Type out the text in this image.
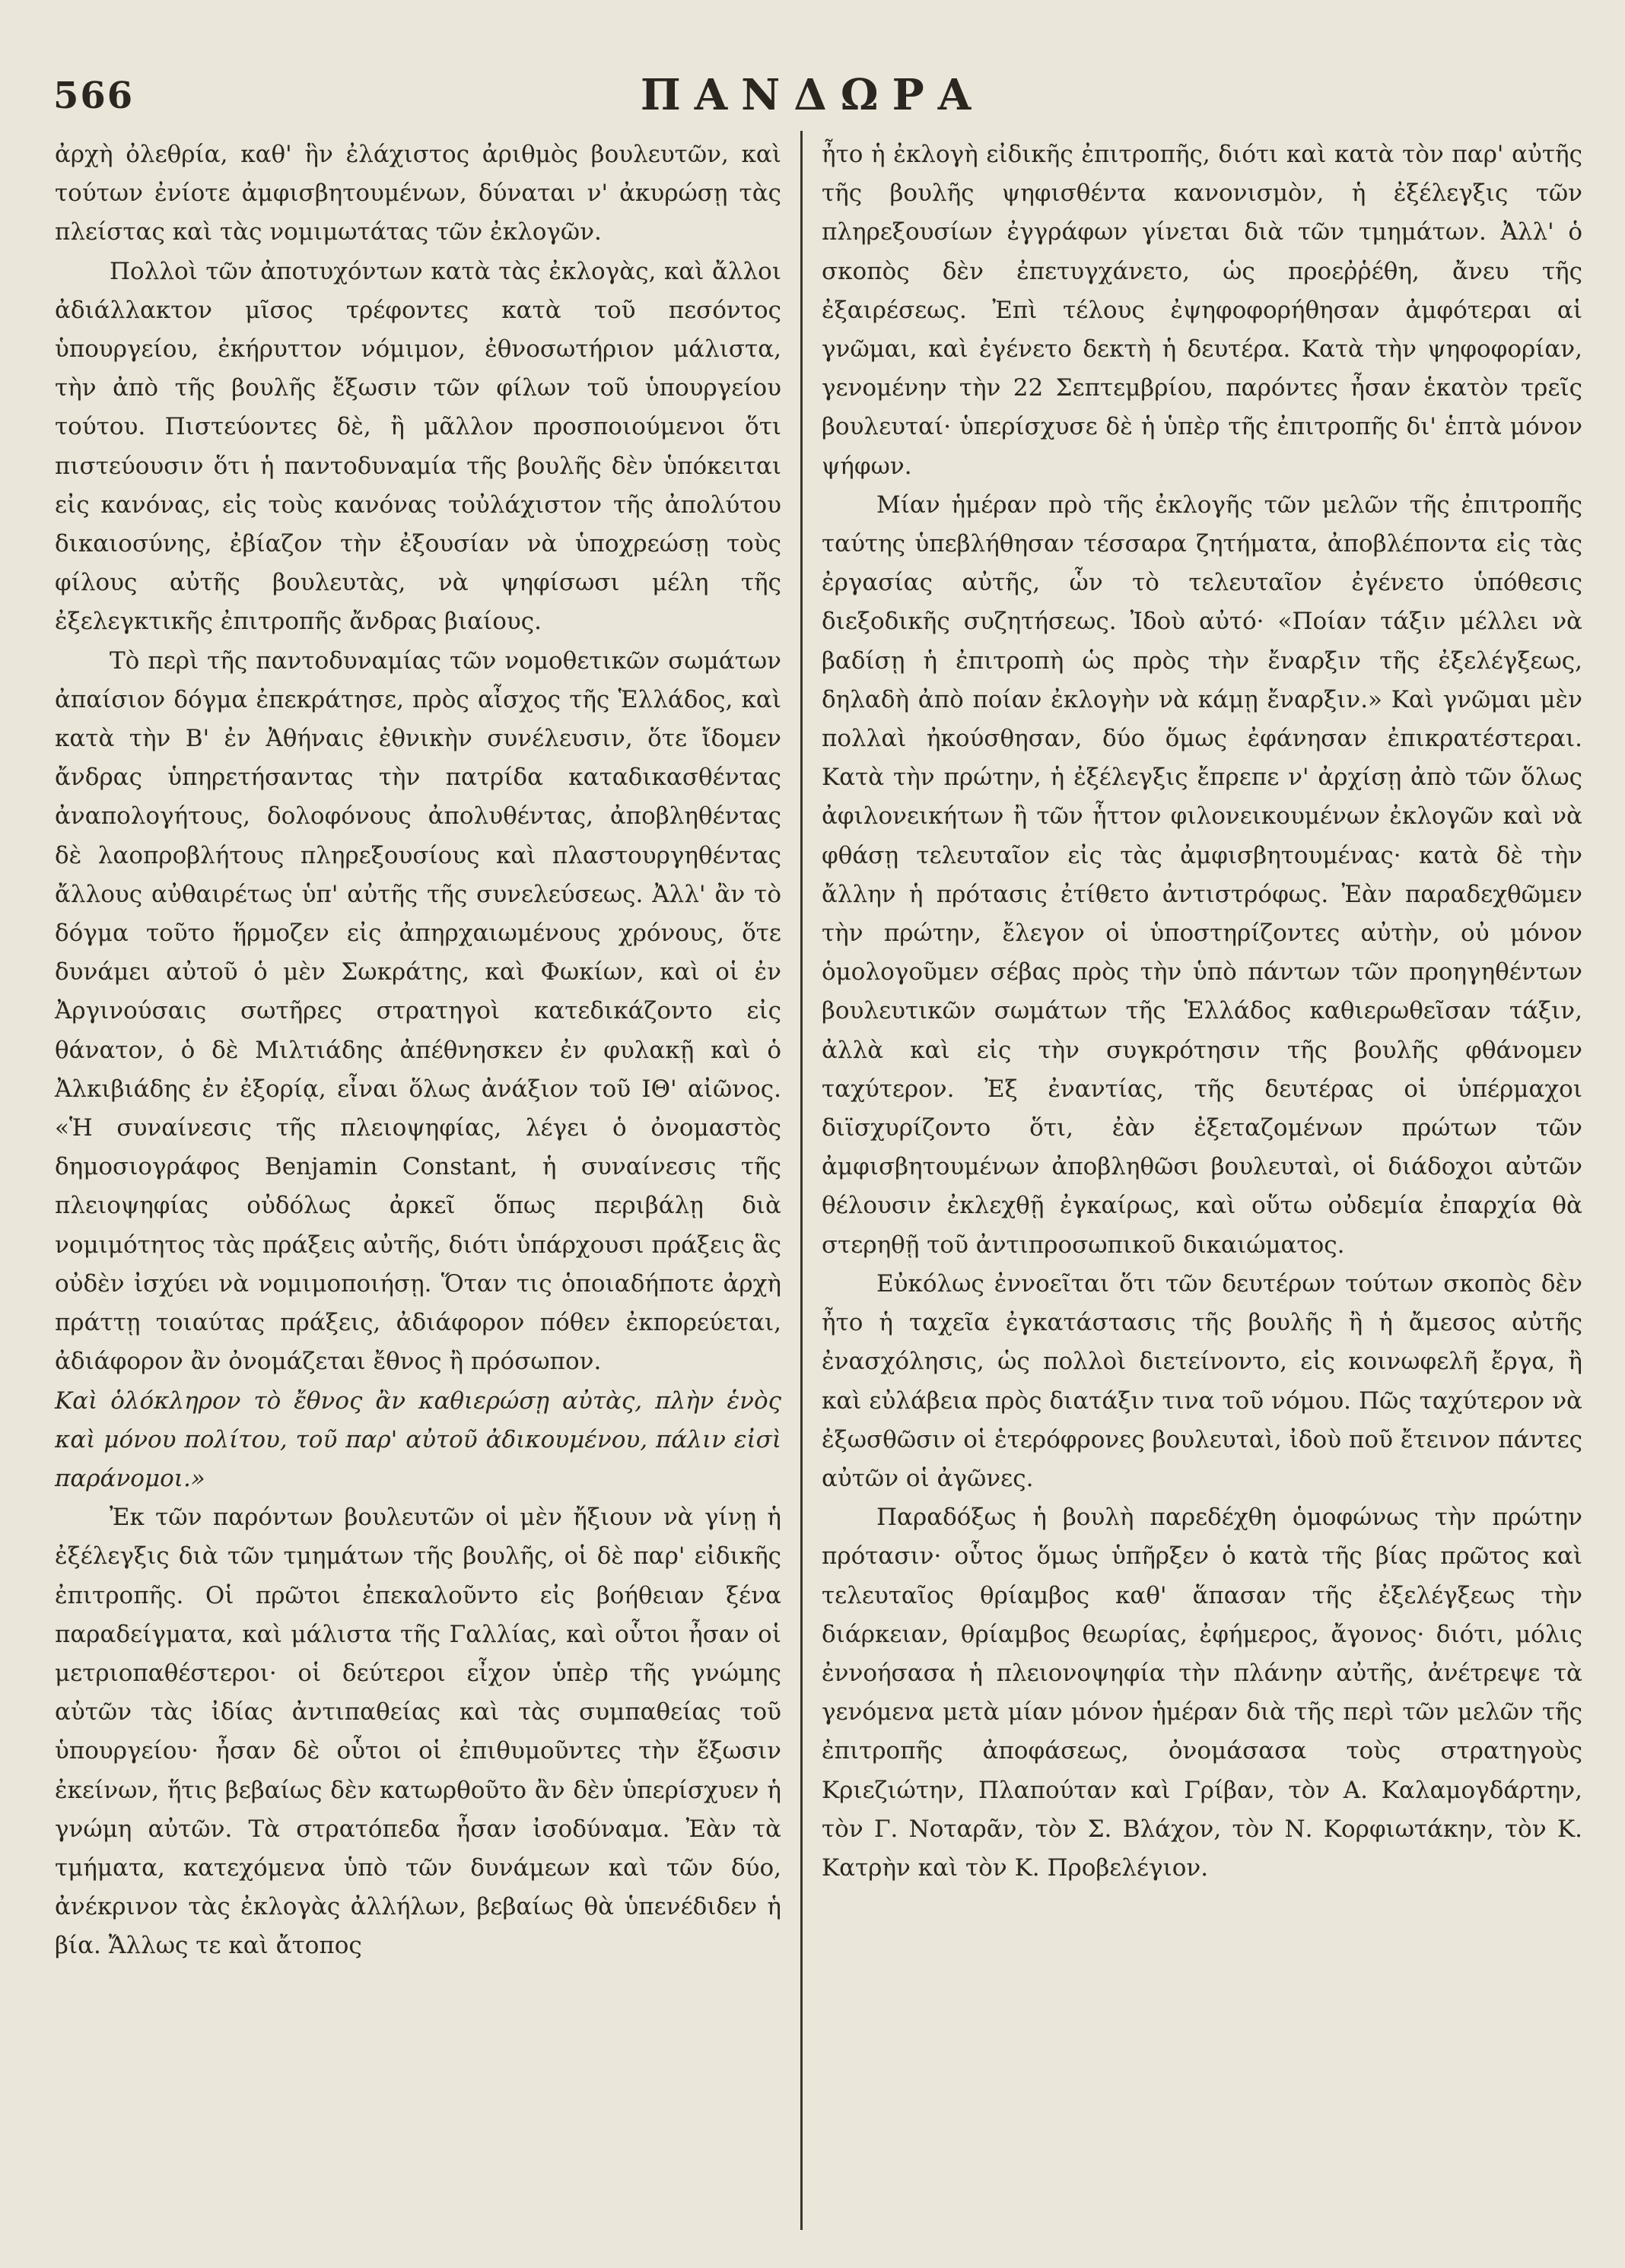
566	ΠΑΝΔΩΡΑ

ἀρχὴ ὀλεθρία, καθ' ἣν ἐλάχιστος ἀριθμὸς βουλευτῶν, καὶ τούτων ἐνίοτε ἀμφισβητουμένων, δύναται ν' ἀκυρώσῃ τὰς πλείστας καὶ τὰς νομιμωτάτας τῶν ἐκλογῶν.

Πολλοὶ τῶν ἀποτυχόντων κατὰ τὰς ἐκλογὰς, καὶ ἄλλοι ἀδιάλλακτον μῖσος τρέφοντες κατὰ τοῦ πεσόντος ὑπουργείου, ἐκήρυττον νόμιμον, ἐθνοσωτήριον μάλιστα, τὴν ἀπὸ τῆς βουλῆς ἔξωσιν τῶν φίλων τοῦ ὑπουργείου τούτου. Πιστεύοντες δὲ, ἢ μᾶλλον προσποιούμενοι ὅτι πιστεύουσιν ὅτι ἡ παντοδυναμία τῆς βουλῆς δὲν ὑπόκειται εἰς κανόνας, εἰς τοὺς κανόνας τοὐλάχιστον τῆς ἀπολύτου δικαιοσύνης, ἐβίαζον τὴν ἐξουσίαν νὰ ὑποχρεώσῃ τοὺς φίλους αὐτῆς βουλευτὰς, νὰ ψηφίσωσι μέλη τῆς ἐξελεγκτικῆς ἐπιτροπῆς ἄνδρας βιαίους.

Τὸ περὶ τῆς παντοδυναμίας τῶν νομοθετικῶν σωμάτων ἀπαίσιον δόγμα ἐπεκράτησε, πρὸς αἶσχος τῆς Ἑλλάδος, καὶ κατὰ τὴν Β' ἐν Ἀθήναις ἐθνικὴν συνέλευσιν, ὅτε ἴδομεν ἄνδρας ὑπηρετήσαντας τὴν πατρίδα καταδικασθέντας ἀναπολογήτους, δολοφόνους ἀπολυθέντας, ἀποβληθέντας δὲ λαοπροβλήτους πληρεξουσίους καὶ πλαστουργηθέντας ἄλλους αὐθαιρέτως ὑπ' αὐτῆς τῆς συνελεύσεως. Ἀλλ' ἂν τὸ δόγμα τοῦτο ἥρμοζεν εἰς ἀπηρχαιωμένους χρόνους, ὅτε δυνάμει αὐτοῦ ὁ μὲν Σωκράτης, καὶ Φωκίων, καὶ οἱ ἐν Ἀργινούσαις σωτῆρες στρατηγοὶ κατεδικάζοντο εἰς θάνατον, ὁ δὲ Μιλτιάδης ἀπέθνησκεν ἐν φυλακῇ καὶ ὁ Ἀλκιβιάδης ἐν ἐξορίᾳ, εἶναι ὅλως ἀνάξιον τοῦ ΙΘ' αἰῶνος. «Ἡ συναίνεσις τῆς πλειοψηφίας, λέγει ὁ ὀνομαστὸς δημοσιογράφος Benjamin Constant, ἡ συναίνεσις τῆς πλειοψηφίας οὐδόλως ἀρκεῖ ὅπως περιβάλῃ διὰ νομιμότητος τὰς πράξεις αὐτῆς, διότι ὑπάρχουσι πράξεις ἃς οὐδὲν ἰσχύει νὰ νομιμοποιήσῃ. Ὅταν τις ὁποιαδήποτε ἀρχὴ πράττῃ τοιαύτας πράξεις, ἀδιάφορον πόθεν ἐκπορεύεται, ἀδιάφορον ἂν ὀνομάζεται ἔθνος ἢ πρόσωπον.

Καὶ ὁλόκληρον τὸ ἔθνος ἂν καθιερώσῃ αὐτὰς, πλὴν ἑνὸς καὶ μόνου πολίτου, τοῦ παρ' αὐτοῦ ἀδικουμένου, πάλιν εἰσὶ παράνομοι.»

Ἐκ τῶν παρόντων βουλευτῶν οἱ μὲν ἤξιουν νὰ γίνῃ ἡ ἐξέλεγξις διὰ τῶν τμημάτων τῆς βουλῆς, οἱ δὲ παρ' εἰδικῆς ἐπιτροπῆς. Οἱ πρῶτοι ἐπεκαλοῦντο εἰς βοήθειαν ξένα παραδείγματα, καὶ μάλιστα τῆς Γαλλίας, καὶ οὗτοι ἦσαν οἱ μετριοπαθέστεροι· οἱ δεύτεροι εἶχον ὑπὲρ τῆς γνώμης αὐτῶν τὰς ἰδίας ἀντιπαθείας καὶ τὰς συμπαθείας τοῦ ὑπουργείου· ἦσαν δὲ οὗτοι οἱ ἐπιθυμοῦντες τὴν ἔξωσιν ἐκείνων, ἥτις βεβαίως δὲν κατωρθοῦτο ἂν δὲν ὑπερίσχυεν ἡ γνώμη αὐτῶν. Τὰ στρατόπεδα ἦσαν ἰσοδύναμα. Ἐὰν τὰ τμήματα, κατεχόμενα ὑπὸ τῶν δυνάμεων καὶ τῶν δύο, ἀνέκρινον τὰς ἐκλογὰς ἀλλήλων, βεβαίως θὰ ὑπενέδιδεν ἡ βία. Ἄλλως τε καὶ ἄτοπος

ἦτο ἡ ἐκλογὴ εἰδικῆς ἐπιτροπῆς, διότι καὶ κατὰ τὸν παρ' αὐτῆς τῆς βουλῆς ψηφισθέντα κανονισμὸν, ἡ ἐξέλεγξις τῶν πληρεξουσίων ἐγγράφων γίνεται διὰ τῶν τμημάτων. Ἀλλ' ὁ σκοπὸς δὲν ἐπετυγχάνετο, ὡς προεῤῥέθη, ἄνευ τῆς ἐξαιρέσεως. Ἐπὶ τέλους ἐψηφοφορήθησαν ἀμφότεραι αἱ γνῶμαι, καὶ ἐγένετο δεκτὴ ἡ δευτέρα. Κατὰ τὴν ψηφοφορίαν, γενομένην τὴν 22 Σεπτεμβρίου, παρόντες ἦσαν ἑκατὸν τρεῖς βουλευταί· ὑπερίσχυσε δὲ ἡ ὑπὲρ τῆς ἐπιτροπῆς δι' ἑπτὰ μόνον ψήφων.

Μίαν ἡμέραν πρὸ τῆς ἐκλογῆς τῶν μελῶν τῆς ἐπιτροπῆς ταύτης ὑπεβλήθησαν τέσσαρα ζητήματα, ἀποβλέποντα εἰς τὰς ἐργασίας αὐτῆς, ὧν τὸ τελευταῖον ἐγένετο ὑπόθεσις διεξοδικῆς συζητήσεως. Ἰδοὺ αὐτό· «Ποίαν τάξιν μέλλει νὰ βαδίσῃ ἡ ἐπιτροπὴ ὡς πρὸς τὴν ἔναρξιν τῆς ἐξελέγξεως, δηλαδὴ ἀπὸ ποίαν ἐκλογὴν νὰ κάμῃ ἔναρξιν.» Καὶ γνῶμαι μὲν πολλαὶ ἠκούσθησαν, δύο ὅμως ἐφάνησαν ἐπικρατέστεραι. Κατὰ τὴν πρώτην, ἡ ἐξέλεγξις ἔπρεπε ν' ἀρχίσῃ ἀπὸ τῶν ὅλως ἀφιλονεικήτων ἢ τῶν ἧττον φιλονεικουμένων ἐκλογῶν καὶ νὰ φθάσῃ τελευταῖον εἰς τὰς ἀμφισβητουμένας· κατὰ δὲ τὴν ἄλλην ἡ πρότασις ἐτίθετο ἀντιστρόφως. Ἐὰν παραδεχθῶμεν τὴν πρώτην, ἔλεγον οἱ ὑποστηρίζοντες αὐτὴν, οὐ μόνον ὁμολογοῦμεν σέβας πρὸς τὴν ὑπὸ πάντων τῶν προηγηθέντων βουλευτικῶν σωμάτων τῆς Ἑλλάδος καθιερωθεῖσαν τάξιν, ἀλλὰ καὶ εἰς τὴν συγκρότησιν τῆς βουλῆς φθάνομεν ταχύτερον. Ἐξ ἐναντίας, τῆς δευτέρας οἱ ὑπέρμαχοι διϊσχυρίζοντο ὅτι, ἐὰν ἐξεταζομένων πρώτων τῶν ἀμφισβητουμένων ἀποβληθῶσι βουλευταὶ, οἱ διάδοχοι αὐτῶν θέλουσιν ἐκλεχθῇ ἐγκαίρως, καὶ οὕτω οὐδεμία ἐπαρχία θὰ στερηθῇ τοῦ ἀντιπροσωπικοῦ δικαιώματος.

Εὐκόλως ἐννοεῖται ὅτι τῶν δευτέρων τούτων σκοπὸς δὲν ἦτο ἡ ταχεῖα ἐγκατάστασις τῆς βουλῆς ἢ ἡ ἄμεσος αὐτῆς ἐνασχόλησις, ὡς πολλοὶ διετείνοντο, εἰς κοινωφελῆ ἔργα, ἢ καὶ εὐλάβεια πρὸς διατάξιν τινα τοῦ νόμου. Πῶς ταχύτερον νὰ ἐξωσθῶσιν οἱ ἑτερόφρονες βουλευταὶ, ἰδοὺ ποῦ ἔτεινον πάντες αὐτῶν οἱ ἀγῶνες.

Παραδόξως ἡ βουλὴ παρεδέχθη ὁμοφώνως τὴν πρώτην πρότασιν· οὗτος ὅμως ὑπῆρξεν ὁ κατὰ τῆς βίας πρῶτος καὶ τελευταῖος θρίαμβος καθ' ἅπασαν τῆς ἐξελέγξεως τὴν διάρκειαν, θρίαμβος θεωρίας, ἐφήμερος, ἄγονος· διότι, μόλις ἐννοήσασα ἡ πλειονοψηφία τὴν πλάνην αὐτῆς, ἀνέτρεψε τὰ γενόμενα μετὰ μίαν μόνον ἡμέραν διὰ τῆς περὶ τῶν μελῶν τῆς ἐπιτροπῆς ἀποφάσεως, ὀνομάσασα τοὺς στρατηγοὺς Κριεζιώτην, Πλαπούταν καὶ Γρίβαν, τὸν Α. Καλαμογδάρτην, τὸν Γ. Νοταρᾶν, τὸν Σ. Βλάχον, τὸν Ν. Κορφιωτάκην, τὸν Κ. Κατρὴν καὶ τὸν Κ. Προβελέγιον.
